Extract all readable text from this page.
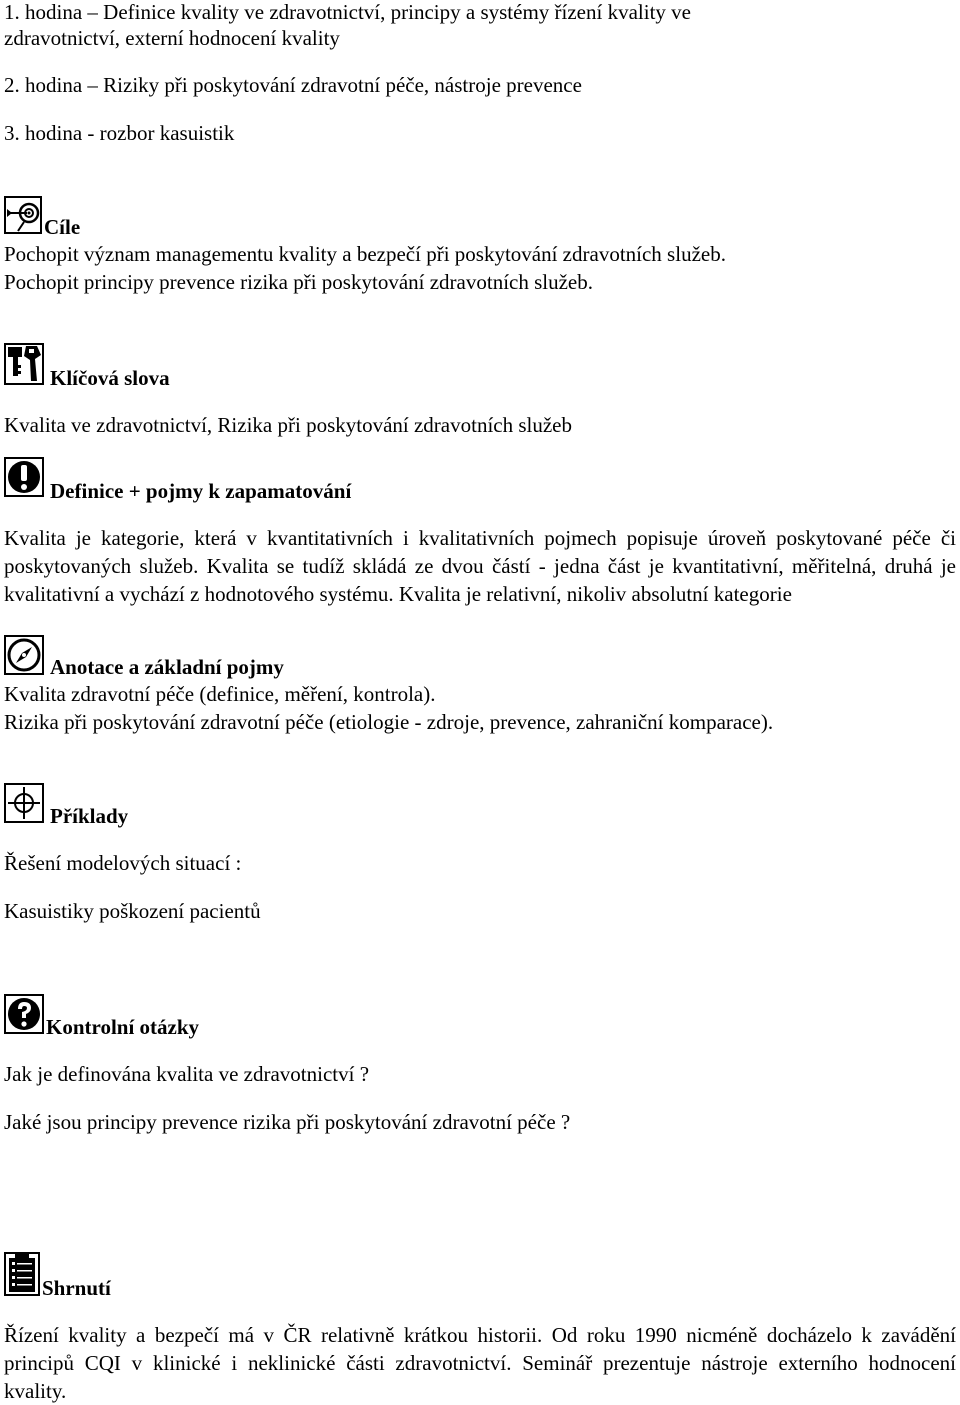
1. hodina – Definice kvality ve zdravotnictví, principy a systémy řízení kvality ve
zdravotnictví, externí hodnocení kvality
2. hodina – Rizikу při poskytování zdravotní péče, nástroje prevence
3. hodina - rozbor kasuistik
Cíle
Pochopit význam managementu kvality a bezpečí při poskytování zdravotních služeb.
Pochopit principy prevence rizika při poskytování zdravotních služeb.
Klíčová slova
Kvalita ve zdravotnictví, Rizika při poskytování zdravotních služeb
Definice + pojmy k zapamatování
Kvalita je kategorie, která v kvantitativních i kvalitativních pojmech popisuje úroveň poskytované péče či poskytovaných služeb. Kvalita se tudíž skládá ze dvou částí - jedna část je kvantitativní, měřitelná, druhá je kvalitativní a vychází z hodnotového systému. Kvalita je relativní, nikoliv absolutní kategorie
Anotace a základní pojmy
Kvalita zdravotní péče (definice, měření, kontrola).
Rizika při poskytování zdravotní péče (etiologie - zdroje, prevence, zahraniční komparace).
Příklady
Řešení modelových situací :
Kasuistiky poškození pacientů
Kontrolní otázky
Jak je definována kvalita ve zdravotnictví ?
Jaké jsou principy prevence rizika při poskytování zdravotní péče ?
Shrnutí
Řízení kvality a bezpečí má v ČR relativně krátkou historii. Od roku 1990 nicméně docházelo k zavádění principů CQI v klinické i neklinické části zdravotnictví. Seminář prezentuje nástroje externího hodnocení kvality.
